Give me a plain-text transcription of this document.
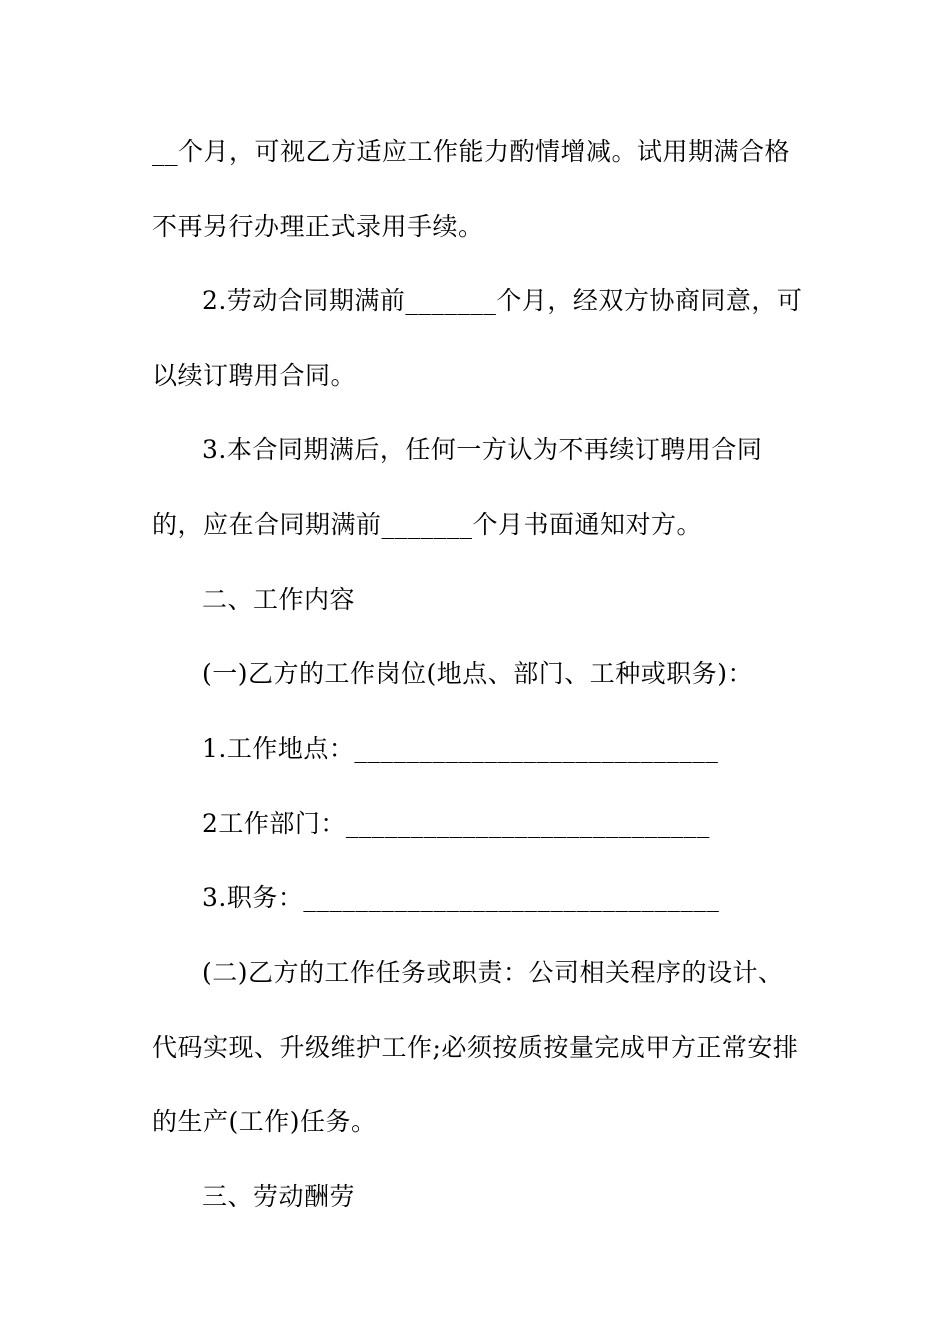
__个月，可视乙方适应工作能力酌情增减。试用期满合格
不再另行办理正式录用手续。
2.劳动合同期满前_______个月，经双方协商同意，可
以续订聘用合同。
3.本合同期满后，任何一方认为不再续订聘用合同
的，应在合同期满前_______个月书面通知对方。
二、工作内容
(一)乙方的工作岗位(地点、部门、工种或职务)：
1.工作地点：____________________________
2工作部门：____________________________
3.职务：________________________________
(二)乙方的工作任务或职责：公司相关程序的设计、
代码实现、升级维护工作;必须按质按量完成甲方正常安排
的生产(工作)任务。
三、劳动酬劳
